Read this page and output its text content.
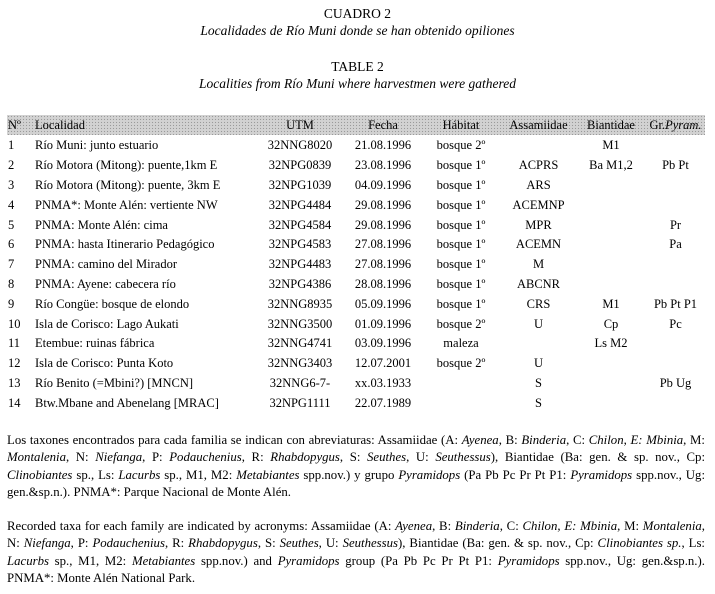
CUADRO 2

Localidades de Río Muni donde se han obtenido opiliones

TABLE 2

Localities from Río Muni where harvestmen were gathered

Nº	Localidad	UTM	Fecha	Hábitat	Assamiidae	Biantidae	Gr.Pyram.
1	Río Muni: junto estuario	32NNG8020	21.08.1996	bosque 2º		M1	
2	Río Motora (Mitong): puente,1km E	32NPG0839	23.08.1996	bosque 1º	ACPRS	Ba M1,2	Pb Pt
3	Río Motora (Mitong): puente, 3km E	32NPG1039	04.09.1996	bosque 1º	ARS		
4	PNMA*: Monte Alén: vertiente NW	32NPG4484	29.08.1996	bosque 1º	ACEMNP		
5	PNMA: Monte Alén: cima	32NPG4584	29.08.1996	bosque 1º	MPR		Pr
6	PNMA: hasta Itinerario Pedagógico	32NPG4583	27.08.1996	bosque 1º	ACEMN		Pa
7	PNMA: camino del Mirador	32NPG4483	27.08.1996	bosque 1º	M		
8	PNMA: Ayene: cabecera río	32NPG4386	28.08.1996	bosque 1º	ABCNR		
9	Río Congüe: bosque de elondo	32NNG8935	05.09.1996	bosque 1º	CRS	M1	Pb Pt P1
10	Isla de Corisco: Lago Aukati	32NNG3500	01.09.1996	bosque 2º	U	Cp	Pc
11	Etembue: ruinas fábrica	32NNG4741	03.09.1996	maleza		Ls M2	
12	Isla de Corisco: Punta Koto	32NNG3403	12.07.2001	bosque 2º	U		
13	Río Benito (=Mbini?) [MNCN]	32NNG6-7-	xx.03.1933		S		Pb Ug
14	Btw.Mbane and Abenelang [MRAC]	32NPG1111	22.07.1989		S		

Los taxones encontrados para cada familia se indican con abreviaturas: Assamiidae (A: Ayenea, B: Binderia, C: Chilon, E: Mbinia, M: Montalenia, N: Niefanga, P: Podauchenius, R: Rhabdopygus, S: Seuthes, U: Seuthessus), Biantidae (Ba: gen. & sp. nov., Cp: Clinobiantes sp., Ls: Lacurbs sp., M1, M2: Metabiantes spp.nov.) y grupo Pyramidops (Pa Pb Pc Pr Pt P1: Pyramidops spp.nov., Ug: gen.&sp.n.). PNMA*: Parque Nacional de Monte Alén.

Recorded taxa for each family are indicated by acronyms: Assamiidae (A: Ayenea, B: Binderia, C: Chilon, E: Mbinia, M: Montalenia, N: Niefanga, P: Podauchenius, R: Rhabdopygus, S: Seuthes, U: Seuthessus), Biantidae (Ba: gen. & sp. nov., Cp: Clinobiantes sp., Ls: Lacurbs sp., M1, M2: Metabiantes spp.nov.) and Pyramidops group (Pa Pb Pc Pr Pt P1: Pyramidops spp.nov., Ug: gen.&sp.n.). PNMA*: Monte Alén National Park.
